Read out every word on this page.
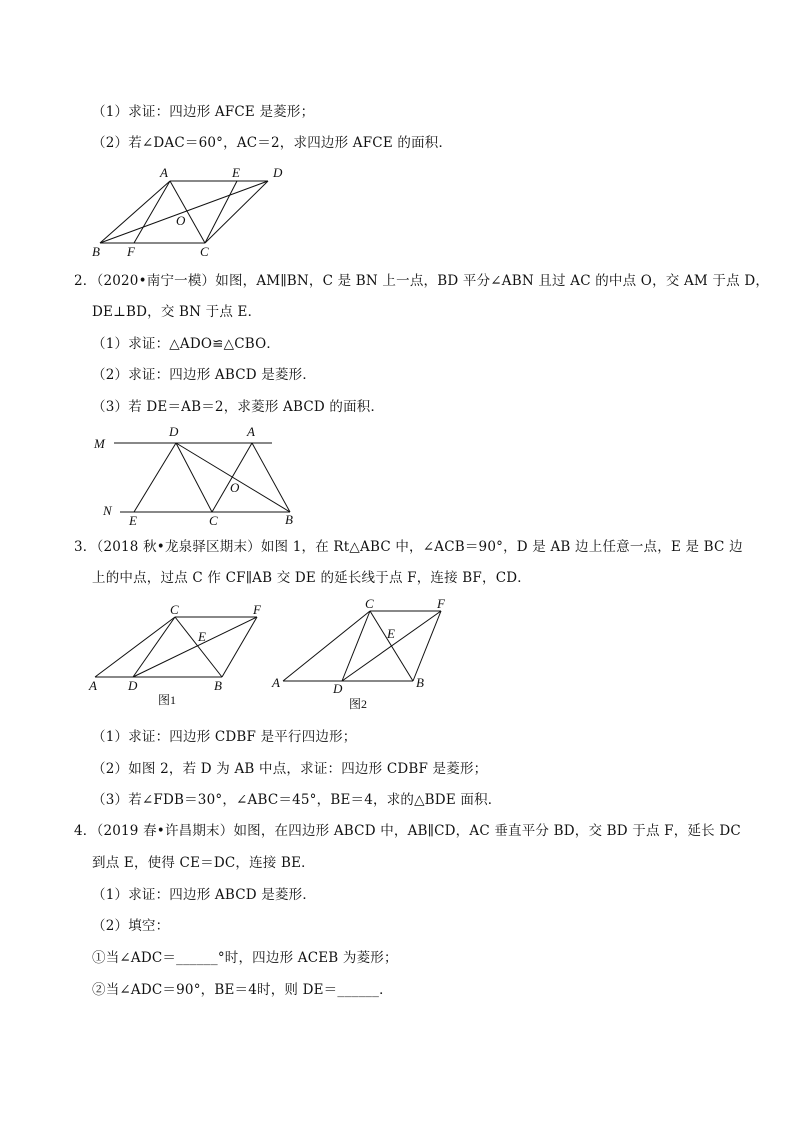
（1）求证：四边形 AFCE 是菱形；
（2）若∠DAC＝60°，AC＝2，求四边形 AFCE 的面积．
A	E	D
O
B F	C
2．（2020•南宁一模）如图，AM∥BN，C 是 BN 上一点，BD 平分∠ABN 且过 AC 的中点 O，交 AM 于点 D，
DE⊥BD，交 BN 于点 E．
（1）求证：△ADO≌△CBO．
（2）求证：四边形 ABCD 是菱形．
（3）若 DE＝AB＝2，求菱形 ABCD 的面积．
M
D	A
O
N
E	C	B
3．（2018 秋•龙泉驿区期末）如图 1，在 Rt△ABC 中，∠ACB＝90°，D 是 AB 边上任意一点，E 是 BC 边
上的中点，过点 C 作 CF∥AB 交 DE 的延长线于点 F，连接 BF，CD．
C	F
E
A D	B
图1
C	F
E
A	D	B
图2
（1）求证：四边形 CDBF 是平行四边形；
（2）如图 2，若 D 为 AB 中点，求证：四边形 CDBF 是菱形；
（3）若∠FDB＝30°，∠ABC＝45°，BE＝4，求的△BDE 面积．
4．（2019 春•许昌期末）如图，在四边形 ABCD 中，AB∥CD，AC 垂直平分 BD，交 BD 于点 F，延长 DC
到点 E，使得 CE＝DC，连接 BE．
（1）求证：四边形 ABCD 是菱形．
（2）填空：
①当∠ADC＝______°时，四边形 ACEB 为菱形；
②当∠ADC＝90°，BE＝4时，则 DE＝______．
